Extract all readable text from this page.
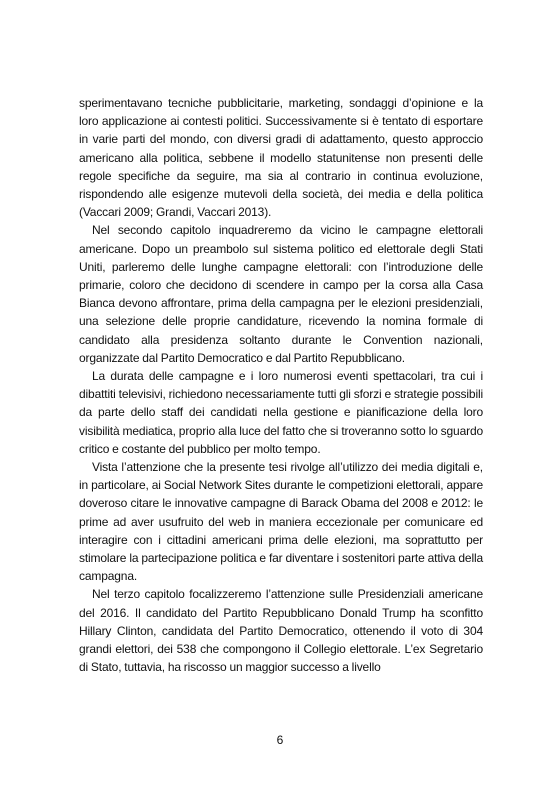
sperimentavano tecniche pubblicitarie, marketing, sondaggi d’opinione e la loro applicazione ai contesti politici. Successivamente si è tentato di esportare in varie parti del mondo, con diversi gradi di adattamento, questo approccio americano alla politica, sebbene il modello statunitense non presenti delle regole specifiche da seguire, ma sia al contrario in continua evoluzione, rispondendo alle esigenze mutevoli della società, dei media e della politica (Vaccari 2009; Grandi, Vaccari 2013).

Nel secondo capitolo inquadreremo da vicino le campagne elettorali americane. Dopo un preambolo sul sistema politico ed elettorale degli Stati Uniti, parleremo delle lunghe campagne elettorali: con l’introduzione delle primarie, coloro che decidono di scendere in campo per la corsa alla Casa Bianca devono affrontare, prima della campagna per le elezioni presidenziali, una selezione delle proprie candidature, ricevendo la nomina formale di candidato alla presidenza soltanto durante le Convention nazionali, organizzate dal Partito Democratico e dal Partito Repubblicano.

La durata delle campagne e i loro numerosi eventi spettacolari, tra cui i dibattiti televisivi, richiedono necessariamente tutti gli sforzi e strategie possibili da parte dello staff dei candidati nella gestione e pianificazione della loro visibilità mediatica, proprio alla luce del fatto che si troveranno sotto lo sguardo critico e costante del pubblico per molto tempo.

Vista l’attenzione che la presente tesi rivolge all’utilizzo dei media digitali e, in particolare, ai Social Network Sites durante le competizioni elettorali, appare doveroso citare le innovative campagne di Barack Obama del 2008 e 2012: le prime ad aver usufruito del web in maniera eccezionale per comunicare ed interagire con i cittadini americani prima delle elezioni, ma soprattutto per stimolare la partecipazione politica e far diventare i sostenitori parte attiva della campagna.

Nel terzo capitolo focalizzeremo l’attenzione sulle Presidenziali americane del 2016. Il candidato del Partito Repubblicano Donald Trump ha sconfitto Hillary Clinton, candidata del Partito Democratico, ottenendo il voto di 304 grandi elettori, dei 538 che compongono il Collegio elettorale. L’ex Segretario di Stato, tuttavia, ha riscosso un maggior successo a livello

6
